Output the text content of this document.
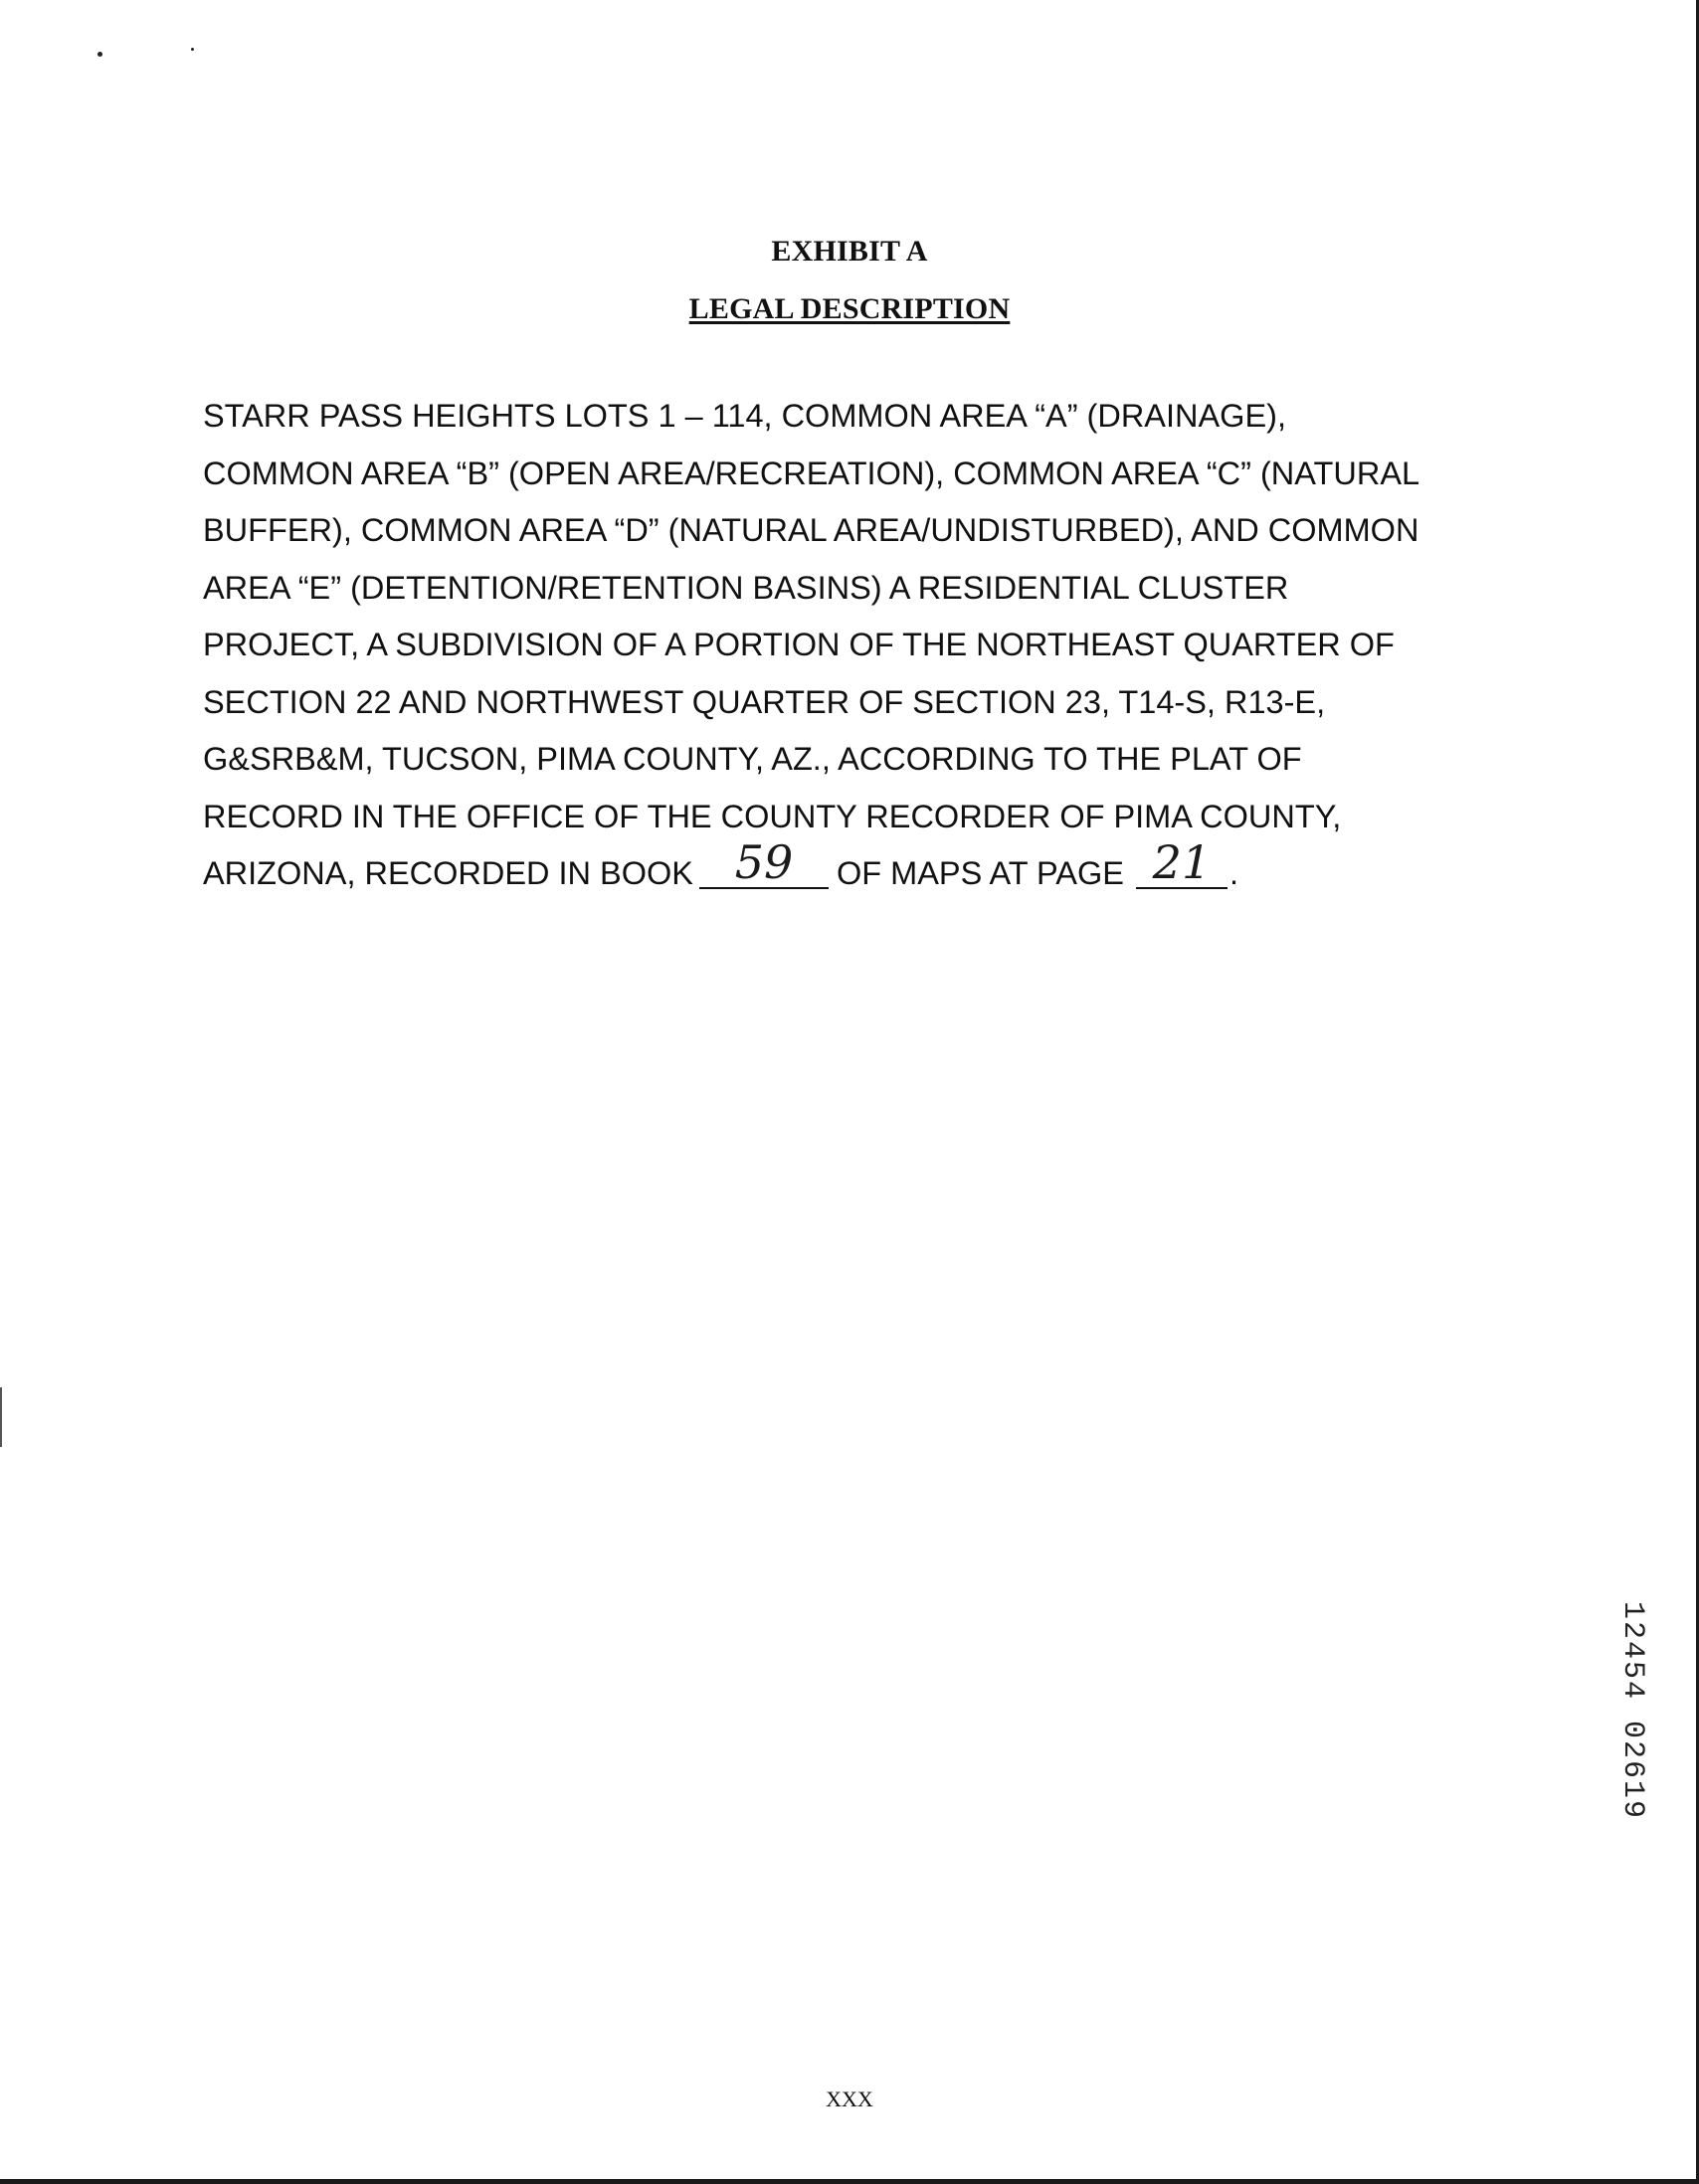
EXHIBIT A
LEGAL DESCRIPTION
STARR PASS HEIGHTS LOTS 1 – 114, COMMON AREA “A” (DRAINAGE),
COMMON AREA “B” (OPEN AREA/RECREATION), COMMON AREA “C” (NATURAL
BUFFER), COMMON AREA “D” (NATURAL AREA/UNDISTURBED), AND COMMON
AREA “E” (DETENTION/RETENTION BASINS) A RESIDENTIAL CLUSTER
PROJECT, A SUBDIVISION OF A PORTION OF THE NORTHEAST QUARTER OF
SECTION 22 AND NORTHWEST QUARTER OF SECTION 23, T14-S, R13-E,
G&SRB&M, TUCSON, PIMA COUNTY, AZ., ACCORDING TO THE PLAT OF
RECORD IN THE OFFICE OF THE COUNTY RECORDER OF PIMA COUNTY,
ARIZONA, RECORDED IN BOOK 59	OF MAPS AT PAGE 21 .
12454 02619
XXX
